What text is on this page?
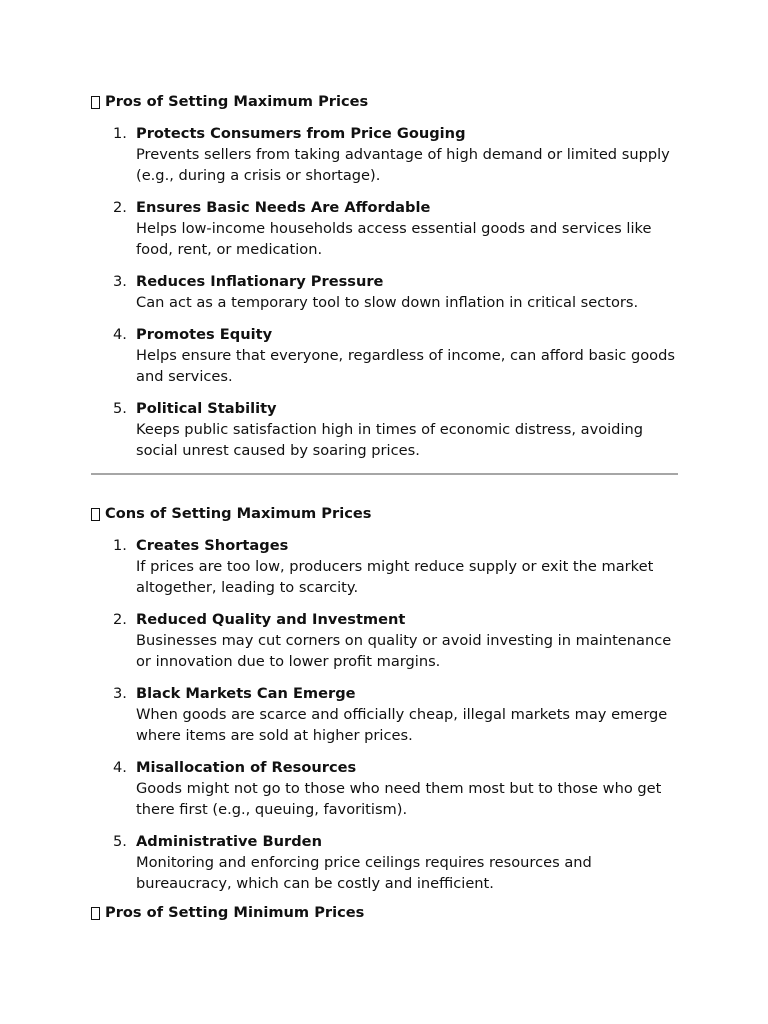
Pros of Setting Maximum Prices
1. Protects Consumers from Price Gouging
Prevents sellers from taking advantage of high demand or limited supply (e.g., during a crisis or shortage).
2. Ensures Basic Needs Are Affordable
Helps low-income households access essential goods and services like food, rent, or medication.
3. Reduces Inflationary Pressure
Can act as a temporary tool to slow down inflation in critical sectors.
4. Promotes Equity
Helps ensure that everyone, regardless of income, can afford basic goods and services.
5. Political Stability
Keeps public satisfaction high in times of economic distress, avoiding social unrest caused by soaring prices.
Cons of Setting Maximum Prices
1. Creates Shortages
If prices are too low, producers might reduce supply or exit the market altogether, leading to scarcity.
2. Reduced Quality and Investment
Businesses may cut corners on quality or avoid investing in maintenance or innovation due to lower profit margins.
3. Black Markets Can Emerge
When goods are scarce and officially cheap, illegal markets may emerge where items are sold at higher prices.
4. Misallocation of Resources
Goods might not go to those who need them most but to those who get there first (e.g., queuing, favoritism).
5. Administrative Burden
Monitoring and enforcing price ceilings requires resources and bureaucracy, which can be costly and inefficient.
Pros of Setting Minimum Prices
